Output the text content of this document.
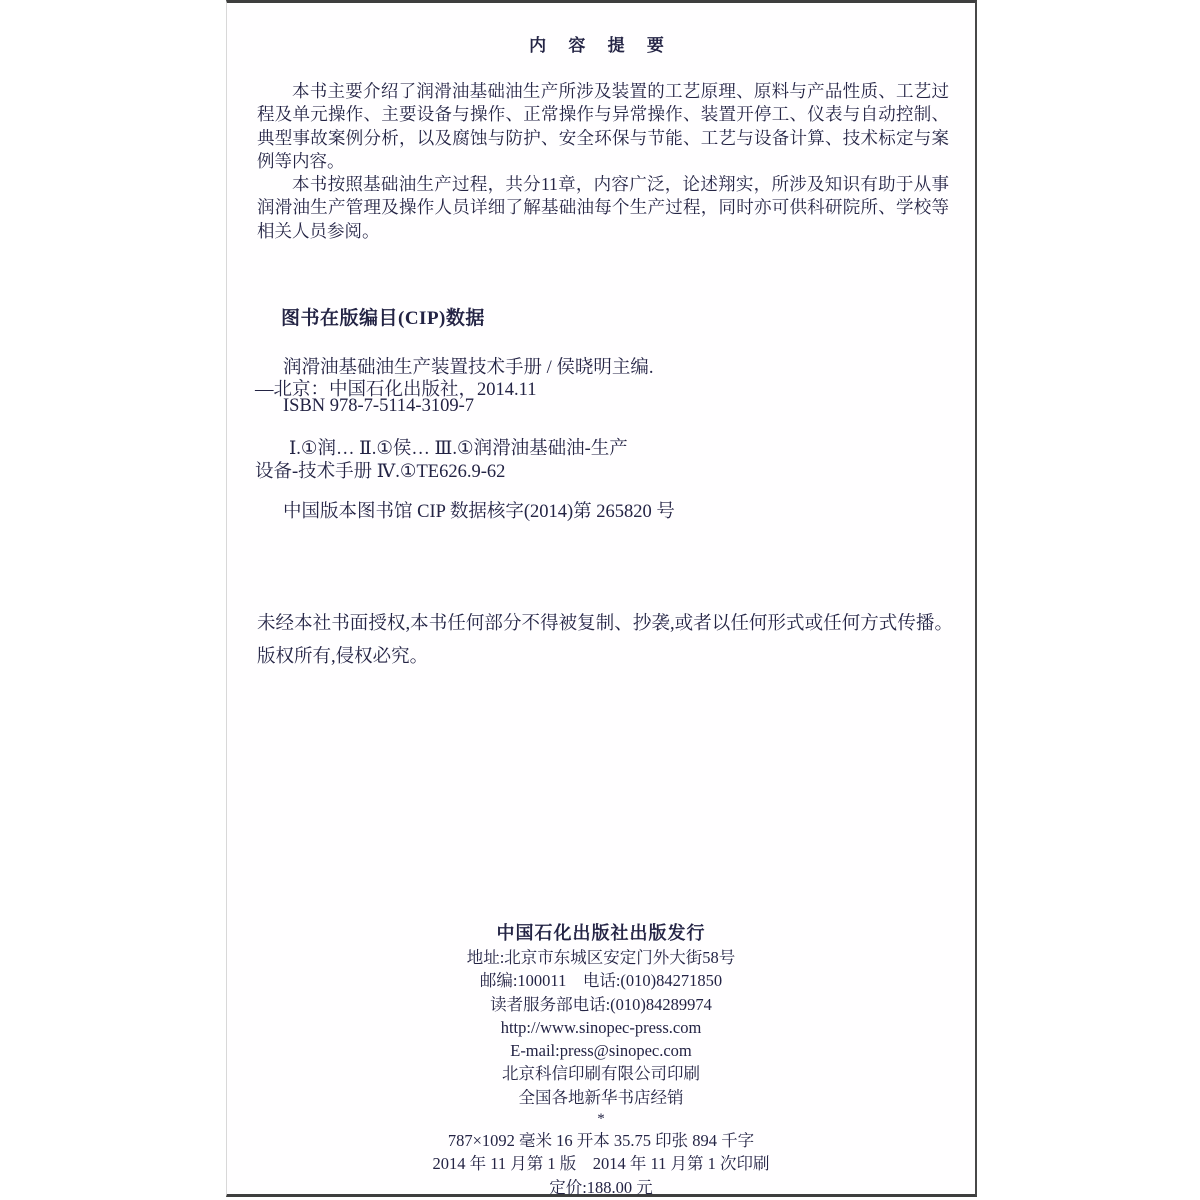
内 容 提 要

本书主要介绍了润滑油基础油生产所涉及装置的工艺原理、原料与产品性质、工艺过程及单元操作、主要设备与操作、正常操作与异常操作、装置开停工、仪表与自动控制、典型事故案例分析，以及腐蚀与防护、安全环保与节能、工艺与设备计算、技术标定与案例等内容。

本书按照基础油生产过程，共分11章，内容广泛，论述翔实，所涉及知识有助于从事润滑油生产管理及操作人员详细了解基础油每个生产过程，同时亦可供科研院所、学校等相关人员参阅。

图书在版编目(CIP)数据
润滑油基础油生产装置技术手册 / 侯晓明主编.
—北京：中国石化出版社，2014.11
ISBN 978-7-5114-3109-7
Ⅰ.①润… Ⅱ.①侯… Ⅲ.①润滑油基础油-生产
设备-技术手册 Ⅳ.①TE626.9-62
中国版本图书馆 CIP 数据核字(2014)第 265820 号
未经本社书面授权,本书任何部分不得被复制、抄袭,或者以任何形式或任何方式传播。版权所有,侵权必究。

中国石化出版社出版发行

地址:北京市东城区安定门外大街58号

邮编:100011　电话:(010)84271850

读者服务部电话:(010)84289974

http://www.sinopec-press.com

E-mail:press@sinopec.com

北京科信印刷有限公司印刷

全国各地新华书店经销

*

787×1092 毫米 16 开本 35.75 印张 894 千字

2014 年 11 月第 1 版　2014 年 11 月第 1 次印刷

定价:188.00 元
